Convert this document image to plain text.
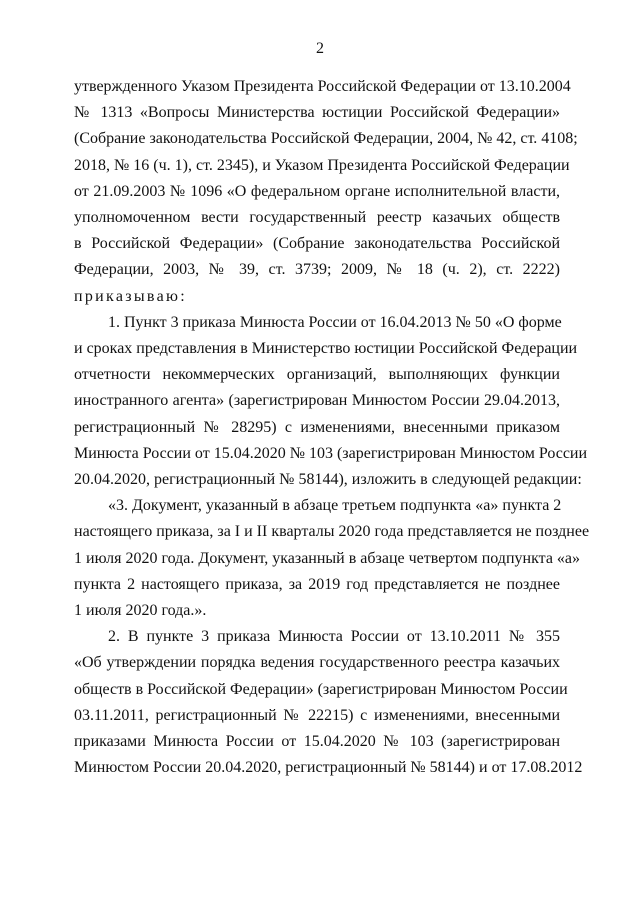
2
утвержденного Указом Президента Российской Федерации от 13.10.2004
№ 1313 «Вопросы Министерства юстиции Российской Федерации»
(Собрание законодательства Российской Федерации, 2004, № 42, ст. 4108;
2018, № 16 (ч. 1), ст. 2345), и Указом Президента Российской Федерации
от 21.09.2003 № 1096 «О федеральном органе исполнительной власти,
уполномоченном вести государственный реестр казачьих обществ
в Российской Федерации» (Собрание законодательства Российской
Федерации, 2003, № 39, ст. 3739; 2009, № 18 (ч. 2), ст. 2222)
приказываю:
1. Пункт 3 приказа Минюста России от 16.04.2013 № 50 «О форме
и сроках представления в Министерство юстиции Российской Федерации
отчетности некоммерческих организаций, выполняющих функции
иностранного агента» (зарегистрирован Минюстом России 29.04.2013,
регистрационный № 28295) с изменениями, внесенными приказом
Минюста России от 15.04.2020 № 103 (зарегистрирован Минюстом России
20.04.2020, регистрационный № 58144), изложить в следующей редакции:
«3. Документ, указанный в абзаце третьем подпункта «а» пункта 2
настоящего приказа, за I и II кварталы 2020 года представляется не позднее
1 июля 2020 года. Документ, указанный в абзаце четвертом подпункта «а»
пункта 2 настоящего приказа, за 2019 год представляется не позднее
1 июля 2020 года.».
2. В пункте 3 приказа Минюста России от 13.10.2011 № 355
«Об утверждении порядка ведения государственного реестра казачьих
обществ в Российской Федерации» (зарегистрирован Минюстом России
03.11.2011, регистрационный № 22215) с изменениями, внесенными
приказами Минюста России от 15.04.2020 № 103 (зарегистрирован
Минюстом России 20.04.2020, регистрационный № 58144) и от 17.08.2012
